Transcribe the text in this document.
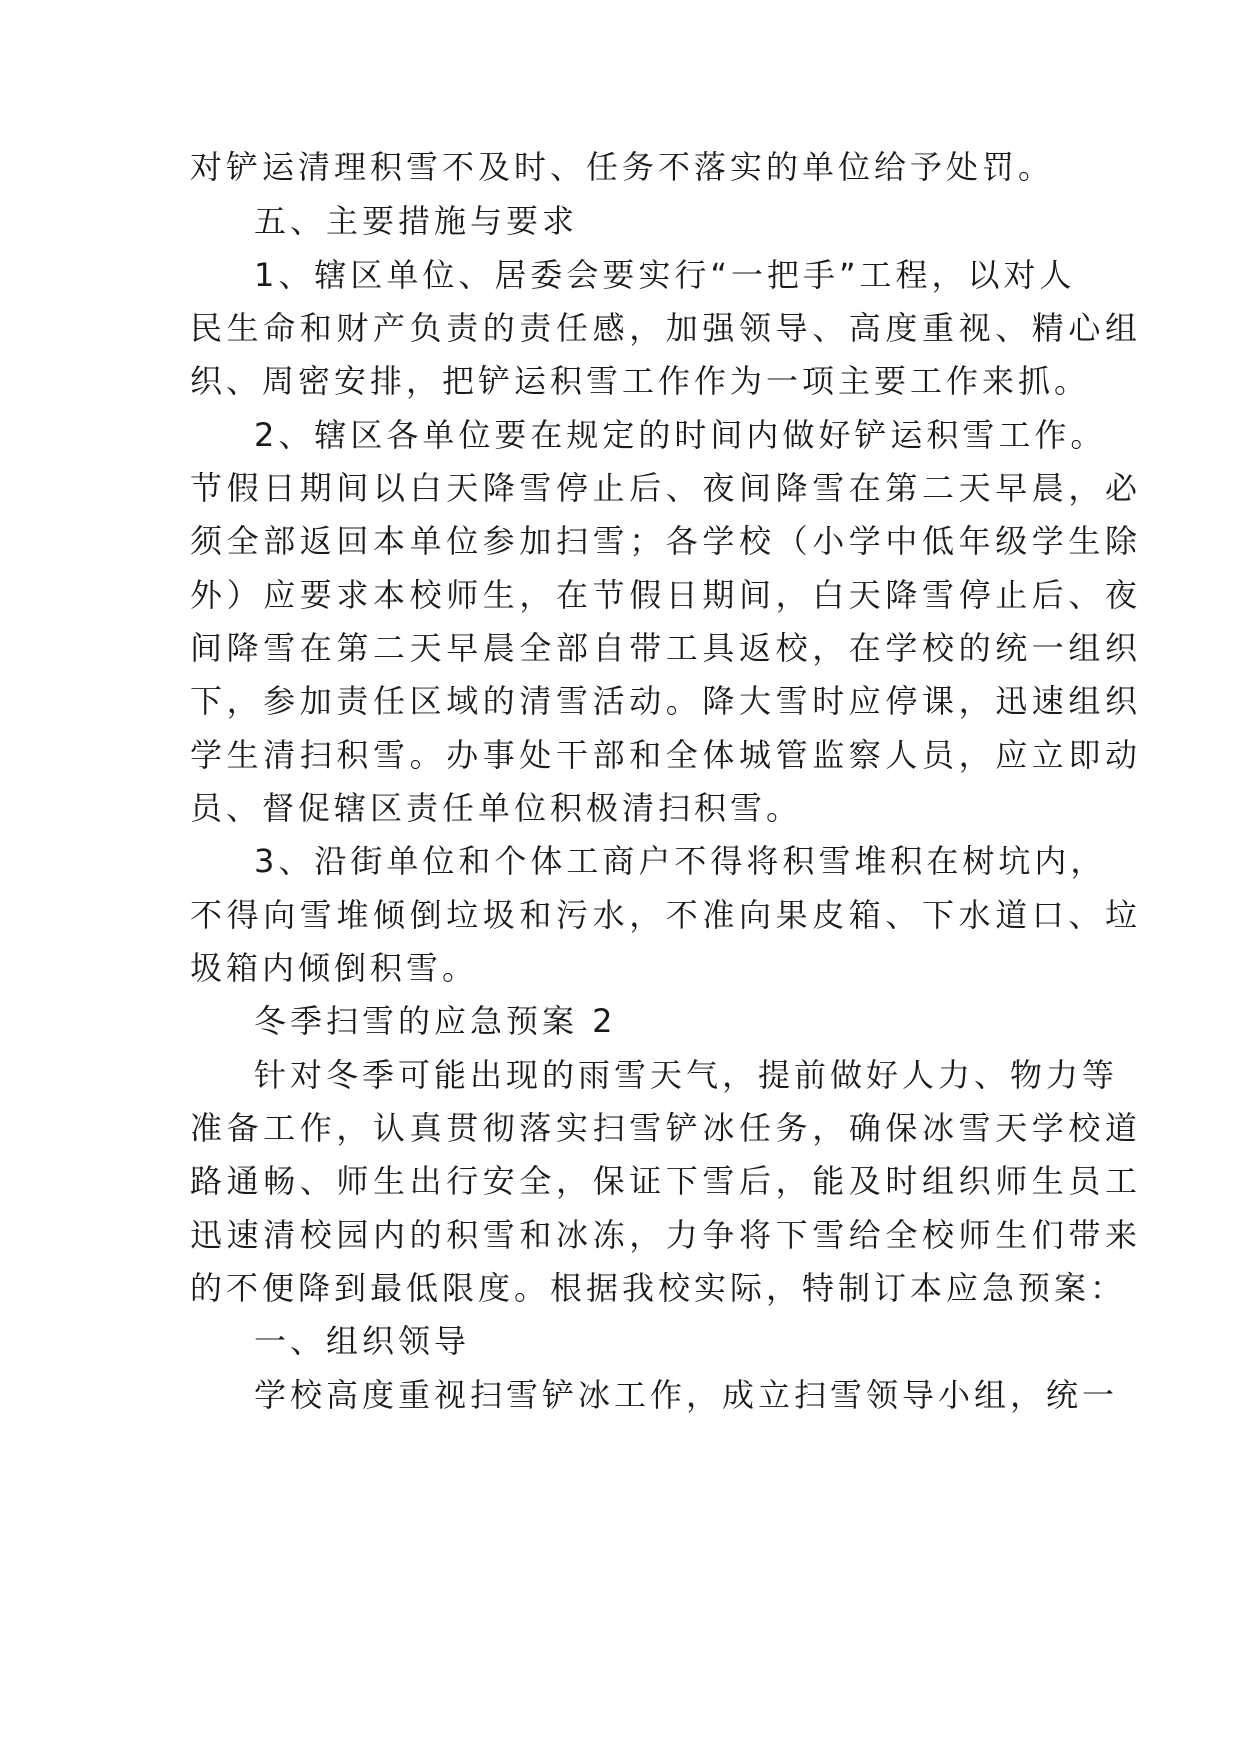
对铲运清理积雪不及时、任务不落实的单位给予处罚。
五、主要措施与要求
1、辖区单位、居委会要实行“一把手”工程，以对人
民生命和财产负责的责任感，加强领导、高度重视、精心组
织、周密安排，把铲运积雪工作作为一项主要工作来抓。
2、辖区各单位要在规定的时间内做好铲运积雪工作。
节假日期间以白天降雪停止后、夜间降雪在第二天早晨，必
须全部返回本单位参加扫雪；各学校（小学中低年级学生除
外）应要求本校师生，在节假日期间，白天降雪停止后、夜
间降雪在第二天早晨全部自带工具返校，在学校的统一组织
下，参加责任区域的清雪活动。降大雪时应停课，迅速组织
学生清扫积雪。办事处干部和全体城管监察人员，应立即动
员、督促辖区责任单位积极清扫积雪。
3、沿街单位和个体工商户不得将积雪堆积在树坑内，
不得向雪堆倾倒垃圾和污水，不准向果皮箱、下水道口、垃
圾箱内倾倒积雪。
冬季扫雪的应急预案 2
针对冬季可能出现的雨雪天气，提前做好人力、物力等
准备工作，认真贯彻落实扫雪铲冰任务，确保冰雪天学校道
路通畅、师生出行安全，保证下雪后，能及时组织师生员工
迅速清校园内的积雪和冰冻，力争将下雪给全校师生们带来
的不便降到最低限度。根据我校实际，特制订本应急预案：
一、组织领导
学校高度重视扫雪铲冰工作，成立扫雪领导小组，统一
